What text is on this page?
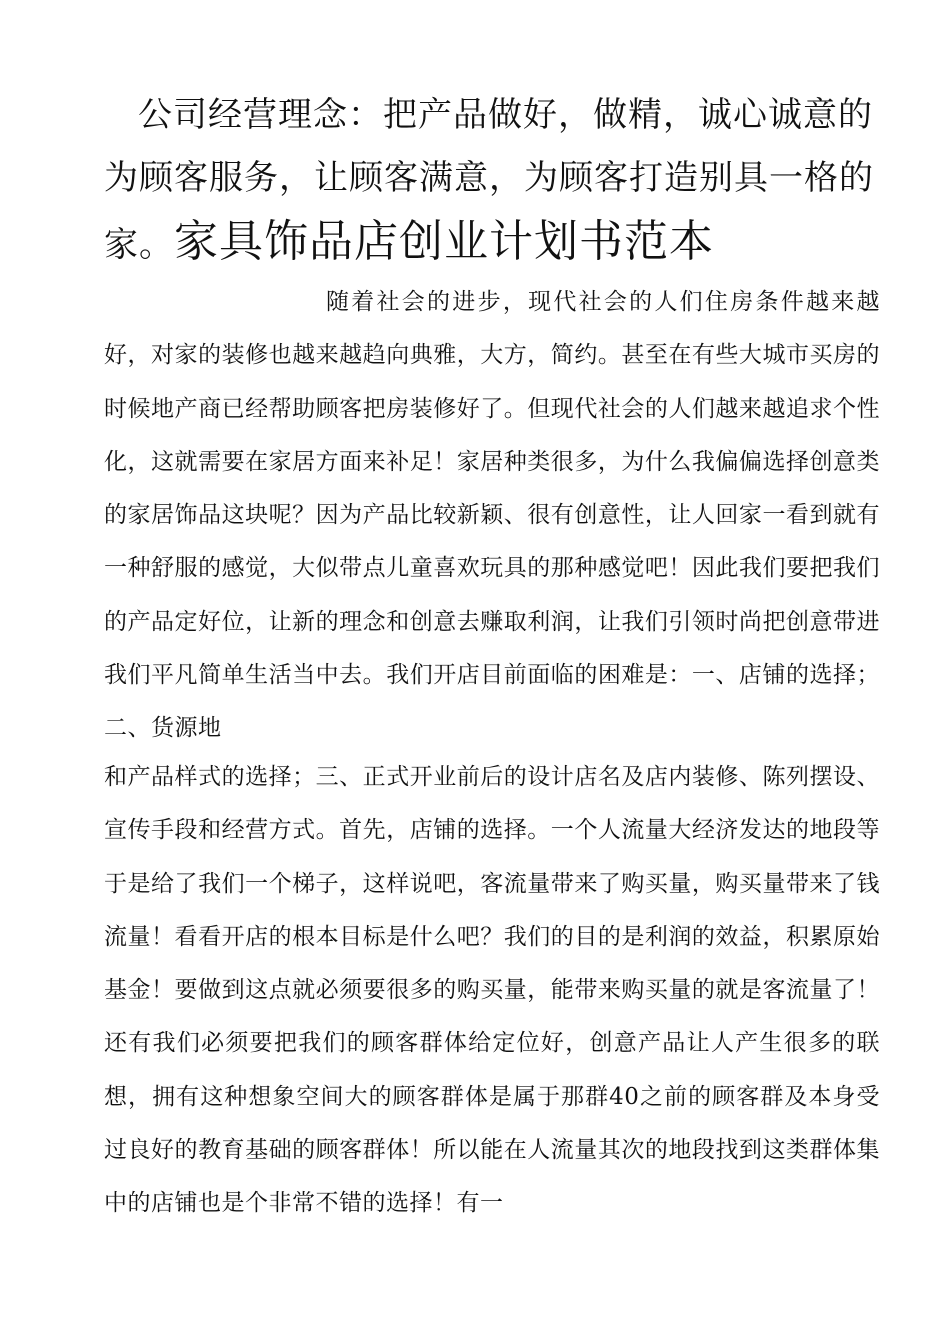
公司经营理念：把产品做好，做精，诚心诚意的为顾客服务，让顾客满意，为顾客打造别具一格的家。家具饰品店创业计划书范本

随着社会的进步，现代社会的人们住房条件越来越好，对家的装修也越来越趋向典雅，大方，简约。甚至在有些大城市买房的时候地产商已经帮助顾客把房装修好了。但现代社会的人们越来越追求个性化，这就需要在家居方面来补足！家居种类很多，为什么我偏偏选择创意类的家居饰品这块呢？因为产品比较新颖、很有创意性，让人回家一看到就有一种舒服的感觉，大似带点儿童喜欢玩具的那种感觉吧！因此我们要把我们的产品定好位，让新的理念和创意去赚取利润，让我们引领时尚把创意带进我们平凡简单生活当中去。我们开店目前面临的困难是：一、店铺的选择；二、货源地

和产品样式的选择；三、正式开业前后的设计店名及店内装修、陈列摆设、宣传手段和经营方式。首先，店铺的选择。一个人流量大经济发达的地段等于是给了我们一个梯子，这样说吧，客流量带来了购买量，购买量带来了钱流量！看看开店的根本目标是什么吧？我们的目的是利润的效益，积累原始基金！要做到这点就必须要很多的购买量，能带来购买量的就是客流量了！还有我们必须要把我们的顾客群体给定位好，创意产品让人产生很多的联想，拥有这种想象空间大的顾客群体是属于那群40之前的顾客群及本身受过良好的教育基础的顾客群体！所以能在人流量其次的地段找到这类群体集中的店铺也是个非常不错的选择！有一
